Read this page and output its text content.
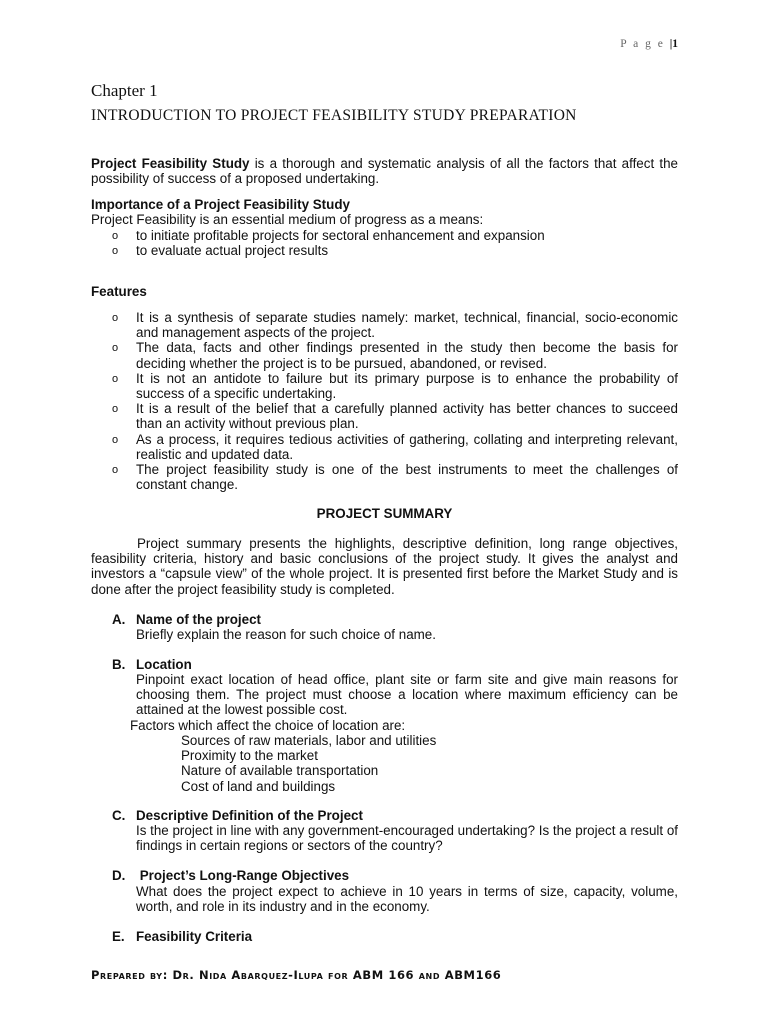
P a g e |1
Chapter 1
INTRODUCTION TO PROJECT FEASIBILITY STUDY PREPARATION
Project Feasibility Study is a thorough and systematic analysis of all the factors that affect the possibility of success of a proposed undertaking.
Importance of a Project Feasibility Study
Project Feasibility is an essential medium of progress as a means:
o to initiate profitable projects for sectoral enhancement and expansion
o to evaluate actual project results
Features
o It is a synthesis of separate studies namely: market, technical, financial, socio-economic and management aspects of the project.
o The data, facts and other findings presented in the study then become the basis for deciding whether the project is to be pursued, abandoned, or revised.
o It is not an antidote to failure but its primary purpose is to enhance the probability of success of a specific undertaking.
o It is a result of the belief that a carefully planned activity has better chances to succeed than an activity without previous plan.
o As a process, it requires tedious activities of gathering, collating and interpreting relevant, realistic and updated data.
o The project feasibility study is one of the best instruments to meet the challenges of constant change.
PROJECT SUMMARY
Project summary presents the highlights, descriptive definition, long range objectives, feasibility criteria, history and basic conclusions of the project study. It gives the analyst and investors a “capsule view” of the whole project. It is presented first before the Market Study and is done after the project feasibility study is completed.
A. Name of the project
Briefly explain the reason for such choice of name.
B. Location
Pinpoint exact location of head office, plant site or farm site and give main reasons for choosing them. The project must choose a location where maximum efficiency can be attained at the lowest possible cost.
Factors which affect the choice of location are:
Sources of raw materials, labor and utilities
Proximity to the market
Nature of available transportation
Cost of land and buildings
C. Descriptive Definition of the Project
Is the project in line with any government-encouraged undertaking? Is the project a result of findings in certain regions or sectors of the country?
D. Project’s Long-Range Objectives
What does the project expect to achieve in 10 years in terms of size, capacity, volume, worth, and role in its industry and in the economy.
E. Feasibility Criteria
Prepared by: Dr. Nida Abarquez-Ilupa for ABM 166 and ABM166
